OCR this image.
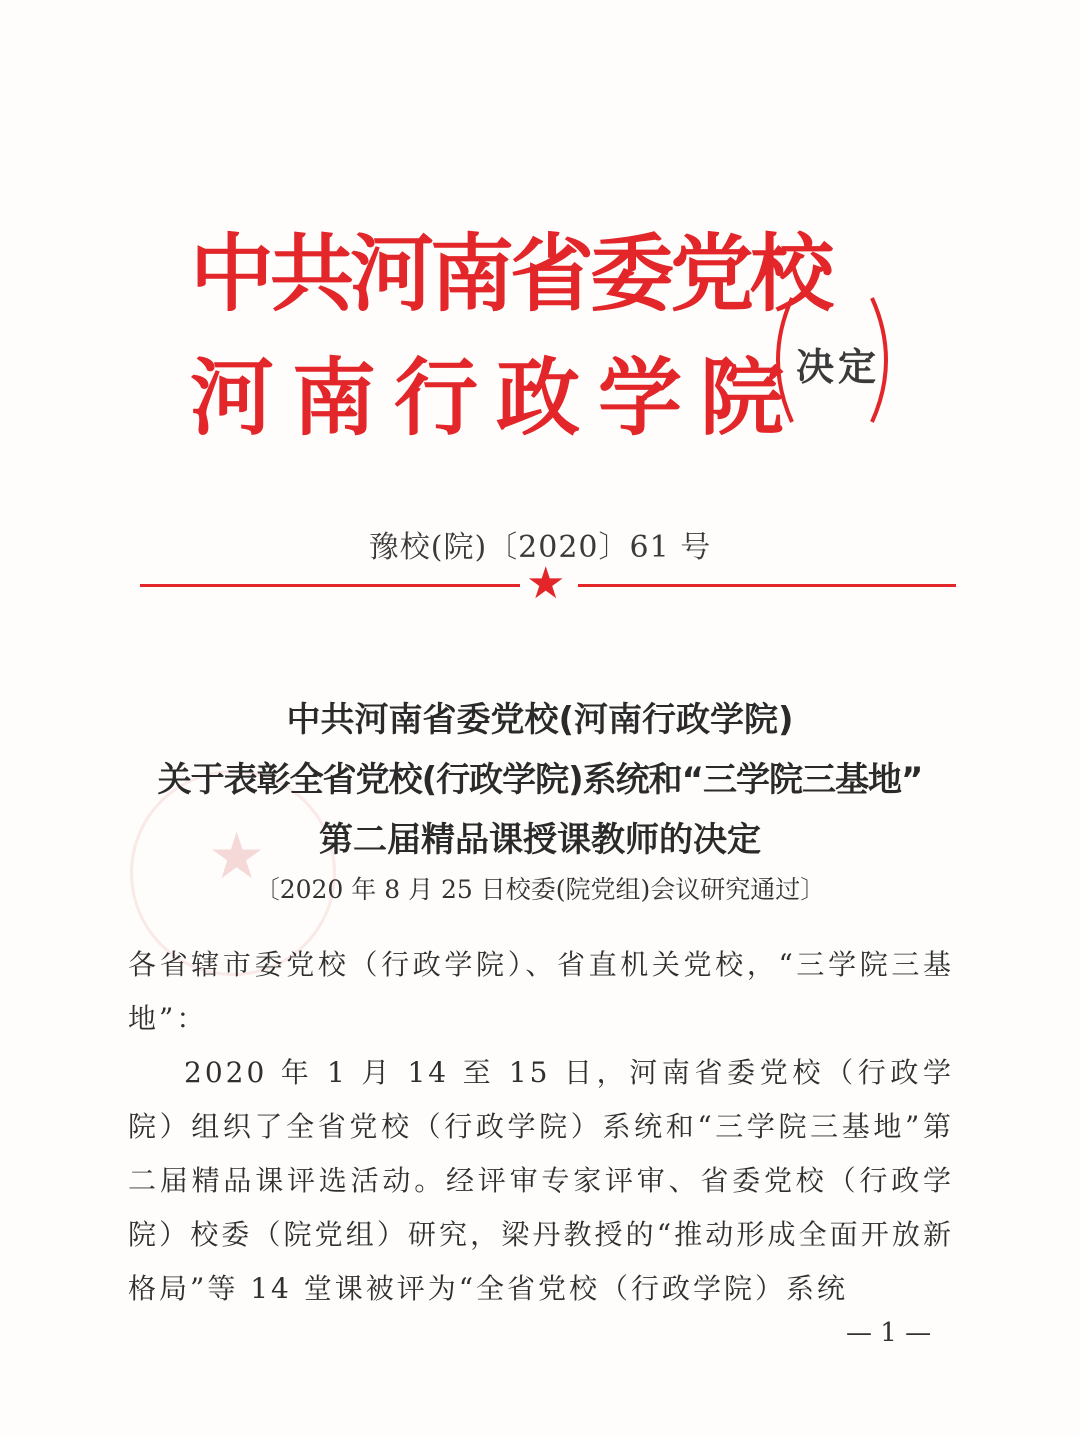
★
中共河南省委党校
河南行政学院
决定
豫校(院)〔2020〕61 号
★
中共河南省委党校(河南行政学院)
关于表彰全省党校(行政学院)系统和“三学院三基地”
第二届精品课授课教师的决定
〔2020 年 8 月 25 日校委(院党组)会议研究通过〕

各省辖市委党校（行政学院）、省直机关党校，“三学院三基地”：

2020 年 1 月 14 至 15 日，河南省委党校（行政学院）组织了全省党校（行政学院）系统和“三学院三基地”第二届精品课评选活动。经评审专家评审、省委党校（行政学院）校委（院党组）研究，梁丹教授的“推动形成全面开放新格局”等 14 堂课被评为“全省党校（行政学院）系统

— 1 —
